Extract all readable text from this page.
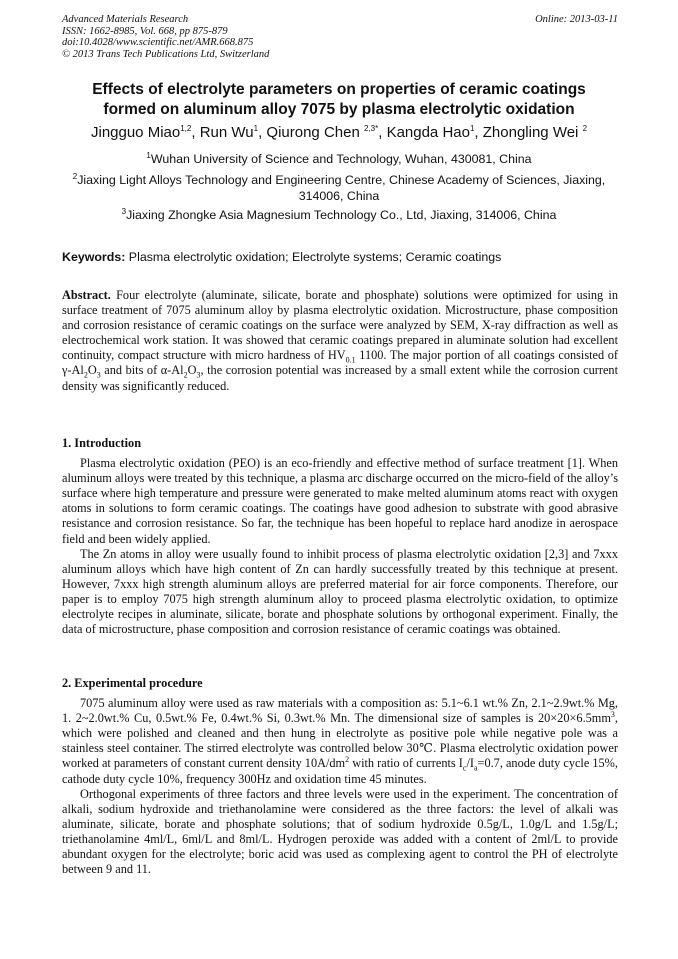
Advanced Materials Research
ISSN: 1662-8985, Vol. 668, pp 875-879
doi:10.4028/www.scientific.net/AMR.668.875
© 2013 Trans Tech Publications Ltd, Switzerland
Online: 2013-03-11
Effects of electrolyte parameters on properties of ceramic coatings
formed on aluminum alloy 7075 by plasma electrolytic oxidation
Jingguo Miao$^{1,2}$, Run Wu$^1$, Qiurong Chen $^{2,3*}$, Kangda Hao$^1$, Zhongling Wei $^2$
$^1$Wuhan University of Science and Technology, Wuhan, 430081, China
$^2$Jiaxing Light Alloys Technology and Engineering Centre, Chinese Academy of Sciences, Jiaxing,
314006, China
$^3$Jiaxing Zhongke Asia Magnesium Technology Co., Ltd, Jiaxing, 314006, China
Keywords: Plasma electrolytic oxidation; Electrolyte systems; Ceramic coatings

Abstract. Four electrolyte (aluminate, silicate, borate and phosphate) solutions were optimized for using in surface treatment of 7075 aluminum alloy by plasma electrolytic oxidation. Microstructure, phase composition and corrosion resistance of ceramic coatings on the surface were analyzed by SEM, X-ray diffraction as well as electrochemical work station. It was showed that ceramic coatings prepared in aluminate solution had excellent continuity, compact structure with micro hardness of $HV_{0.1}$ 1100. The major portion of all coatings consisted of $\gamma-Al_2O_3$ and bits of $\alpha-Al_2O_3$, the corrosion potential was increased by a small extent while the corrosion current density was significantly reduced.

1. Introduction

Plasma electrolytic oxidation (PEO) is an eco-friendly and effective method of surface treatment [1]. When aluminum alloys were treated by this technique, a plasma arc discharge occurred on the micro-field of the alloy’s surface where high temperature and pressure were generated to make melted aluminum atoms react with oxygen atoms in solutions to form ceramic coatings. The coatings have good adhesion to substrate with good abrasive resistance and corrosion resistance. So far, the technique has been hopeful to replace hard anodize in aerospace field and been widely applied.

The Zn atoms in alloy were usually found to inhibit process of plasma electrolytic oxidation [2,3] and 7xxx aluminum alloys which have high content of Zn can hardly successfully treated by this technique at present. However, 7xxx high strength aluminum alloys are preferred material for air force components. Therefore, our paper is to employ 7075 high strength aluminum alloy to proceed plasma electrolytic oxidation, to optimize electrolyte recipes in aluminate, silicate, borate and phosphate solutions by orthogonal experiment. Finally, the data of microstructure, phase composition and corrosion resistance of ceramic coatings was obtained.

2. Experimental procedure

7075 aluminum alloy were used as raw materials with a composition as: 5.1~6.1 wt.% Zn, 2.1~2.9wt.% Mg, 1. 2~2.0wt.% Cu, 0.5wt.% Fe, 0.4wt.% Si, 0.3wt.% Mn. The dimensional size of samples is $20\times 20\times 6.5mm^3$, which were polished and cleaned and then hung in electrolyte as positive pole while negative pole was a stainless steel container. The stirred electrolyte was controlled below 30℃. Plasma electrolytic oxidation power worked at parameters of constant current density $10A/dm^2$ with ratio of currents $I_c/I_a=0.7$, anode duty cycle 15%, cathode duty cycle 10%, frequency 300Hz and oxidation time 45 minutes.

Orthogonal experiments of three factors and three levels were used in the experiment. The concentration of alkali, sodium hydroxide and triethanolamine were considered as the three factors: the level of alkali was aluminate, silicate, borate and phosphate solutions; that of sodium hydroxide 0.5g/L, 1.0g/L and 1.5g/L; triethanolamine 4ml/L, 6ml/L and 8ml/L. Hydrogen peroxide was added with a content of 2ml/L to provide abundant oxygen for the electrolyte; boric acid was used as complexing agent to control the PH of electrolyte between 9 and 11.
